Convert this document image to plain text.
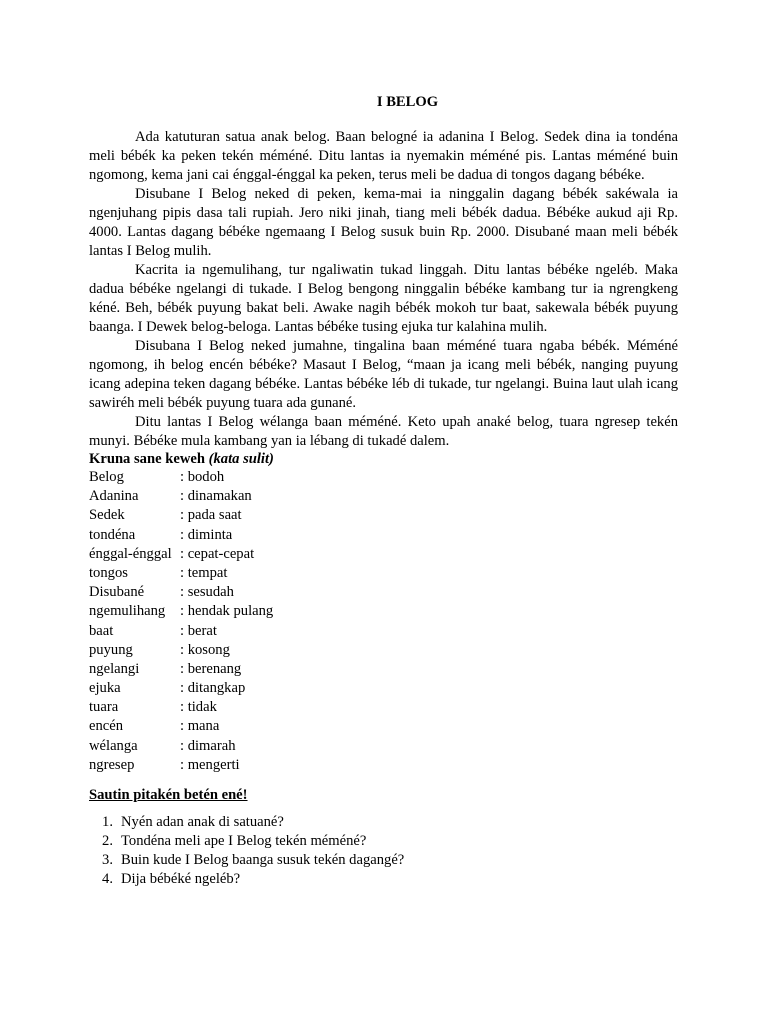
I BELOG

Ada katuturan satua anak belog. Baan belogné ia adanina I Belog. Sedek dina ia tondéna meli bébék ka peken tekén méméné. Ditu lantas ia nyemakin méméné pis. Lantas méméné buin ngomong, kema jani cai énggal-énggal ka peken, terus meli be dadua di tongos dagang bébéke.

Disubane I Belog neked di peken, kema-mai ia ninggalin dagang bébék sakéwala ia ngenjuhang pipis dasa tali rupiah. Jero niki jinah, tiang meli bébék dadua. Bébéke aukud aji Rp. 4000. Lantas dagang bébéke ngemaang I Belog susuk buin Rp. 2000. Disubané maan meli bébék lantas I Belog mulih.

Kacrita ia ngemulihang, tur ngaliwatin tukad linggah. Ditu lantas bébéke ngeléb. Maka dadua bébéke ngelangi di tukade. I Belog bengong ninggalin bébéke kambang tur ia ngrengkeng kéné. Beh, bébék puyung bakat beli. Awake nagih bébék mokoh tur baat, sakewala bébék puyung baanga. I Dewek belog-beloga. Lantas bébéke tusing ejuka tur kalahina mulih.

Disubana I Belog neked jumahne, tingalina baan méméné tuara ngaba bébék. Méméné ngomong, ih belog encén bébéke? Masaut I Belog, “maan ja icang meli bébék, nanging puyung icang adepina teken dagang bébéke. Lantas bébéke léb di tukade, tur ngelangi. Buina laut ulah icang sawiréh meli bébék puyung tuara ada gunané.

Ditu lantas I Belog wélanga baan méméné. Keto upah anaké belog, tuara ngresep tekén munyi. Bébéke mula kambang yan ia lébang di tukadé dalem.

Kruna sane keweh (kata sulit)
Belog	: bodoh
Adanina	: dinamakan
Sedek	: pada saat
tondéna	: diminta
énggal-énggal	: cepat-cepat
tongos	: tempat
Disubané	: sesudah
ngemulihang	: hendak pulang
baat	: berat
puyung	: kosong
ngelangi	: berenang
ejuka	: ditangkap
tuara	: tidak
encén	: mana
wélanga	: dimarah
ngresep	: mengerti
Sautin pitakén betén ené!
1. Nyén adan anak di satuané?
2. Tondéna meli ape I Belog tekén méméné?
3. Buin kude I Belog baanga susuk tekén dagangé?
4. Dija bébéké ngeléb?
